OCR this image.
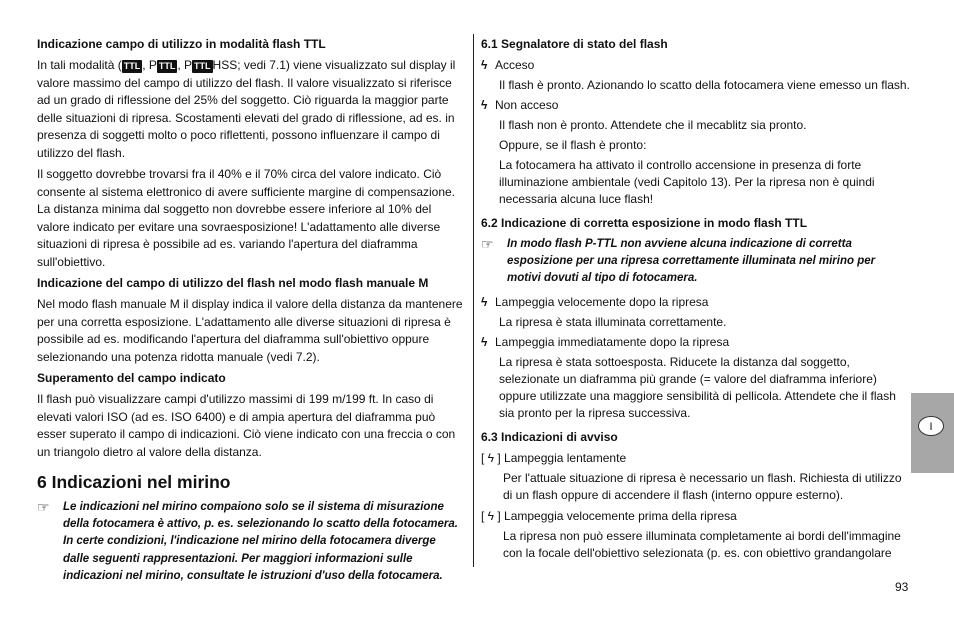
Indicazione campo di utilizzo in modalità flash TTL
In tali modalità ( TTL , P TTL , P TTL HSS; vedi 7.1) viene visualizzato sul display il valore massimo del campo di utilizzo del flash. Il valore visualizzato si riferisce ad un grado di riflessione del 25% del soggetto. Ciò riguarda la maggior parte delle situazioni di ripresa. Scostamenti elevati del grado di riflessione, ad es. in presenza di soggetti molto o poco riflettenti, possono influenzare il campo di utilizzo del flash.
Il soggetto dovrebbe trovarsi fra il 40% e il 70% circa del valore indicato. Ciò consente al sistema elettronico di avere sufficiente margine di compensazione. La distanza minima dal soggetto non dovrebbe essere inferiore al 10% del valore indicato per evitare una sovraesposizione! L'adattamento alle diverse situazioni di ripresa è possibile ad es. variando l'apertura del diaframma sull'obiettivo.
Indicazione del campo di utilizzo del flash nel modo flash manuale M
Nel modo flash manuale M il display indica il valore della distanza da mantenere per una corretta esposizione. L'adattamento alle diverse situazioni di ripresa è possibile ad es. modificando l'apertura del diaframma sull'obiettivo oppure selezionando una potenza ridotta manuale (vedi 7.2).
Superamento del campo indicato
Il flash può visualizzare campi d'utilizzo massimi di 199 m/199 ft. In caso di elevati valori ISO (ad es. ISO 6400) e di ampia apertura del diaframma può esser superato il campo di indicazioni. Ciò viene indicato con una freccia o con un triangolo dietro al valore della distanza.
6 Indicazioni nel mirino
☞	Le indicazioni nel mirino compaiono solo se il sistema di misurazione della fotocamera è attivo, p. es. selezionando lo scatto della fotocamera. In certe condizioni, l'indicazione nel mirino della fotocamera diverge dalle seguenti rappresentazioni. Per maggiori informazioni sulle indicazioni nel mirino, consultate le istruzioni d'uso della fotocamera.
6.1 Segnalatore di stato del flash
ϟ Acceso
Il flash è pronto. Azionando lo scatto della fotocamera viene emesso un flash.
ϟ Non acceso
Il flash non è pronto. Attendete che il mecablitz sia pronto.
Oppure, se il flash è pronto:
La fotocamera ha attivato il controllo accensione in presenza di forte illuminazione ambientale (vedi Capitolo 13). Per la ripresa non è quindi necessaria alcuna luce flash!
6.2 Indicazione di corretta esposizione in modo flash TTL
☞	In modo flash P-TTL non avviene alcuna indicazione di corretta esposizione per una ripresa correttamente illuminata nel mirino per motivi dovuti al tipo di fotocamera.
ϟ Lampeggia velocemente dopo la ripresa
La ripresa è stata illuminata correttamente.
ϟ Lampeggia immediatamente dopo la ripresa
La ripresa è stata sottoesposta. Riducete la distanza dal soggetto, selezionate un diaframma più grande (= valore del diaframma inferiore) oppure utilizzate una maggiore sensibilità di pellicola. Attendete che il flash sia pronto per la ripresa successiva.
6.3 Indicazioni di avviso
[ ϟ ] Lampeggia lentamente
Per l'attuale situazione di ripresa è necessario un flash. Richiesta di utilizzo di un flash oppure di accendere il flash (interno oppure esterno).
[ ϟ ] Lampeggia velocemente prima della ripresa
La ripresa non può essere illuminata completamente ai bordi dell'immagine con la focale dell'obiettivo selezionata (p. es. con obiettivo grandangolare
I
93
